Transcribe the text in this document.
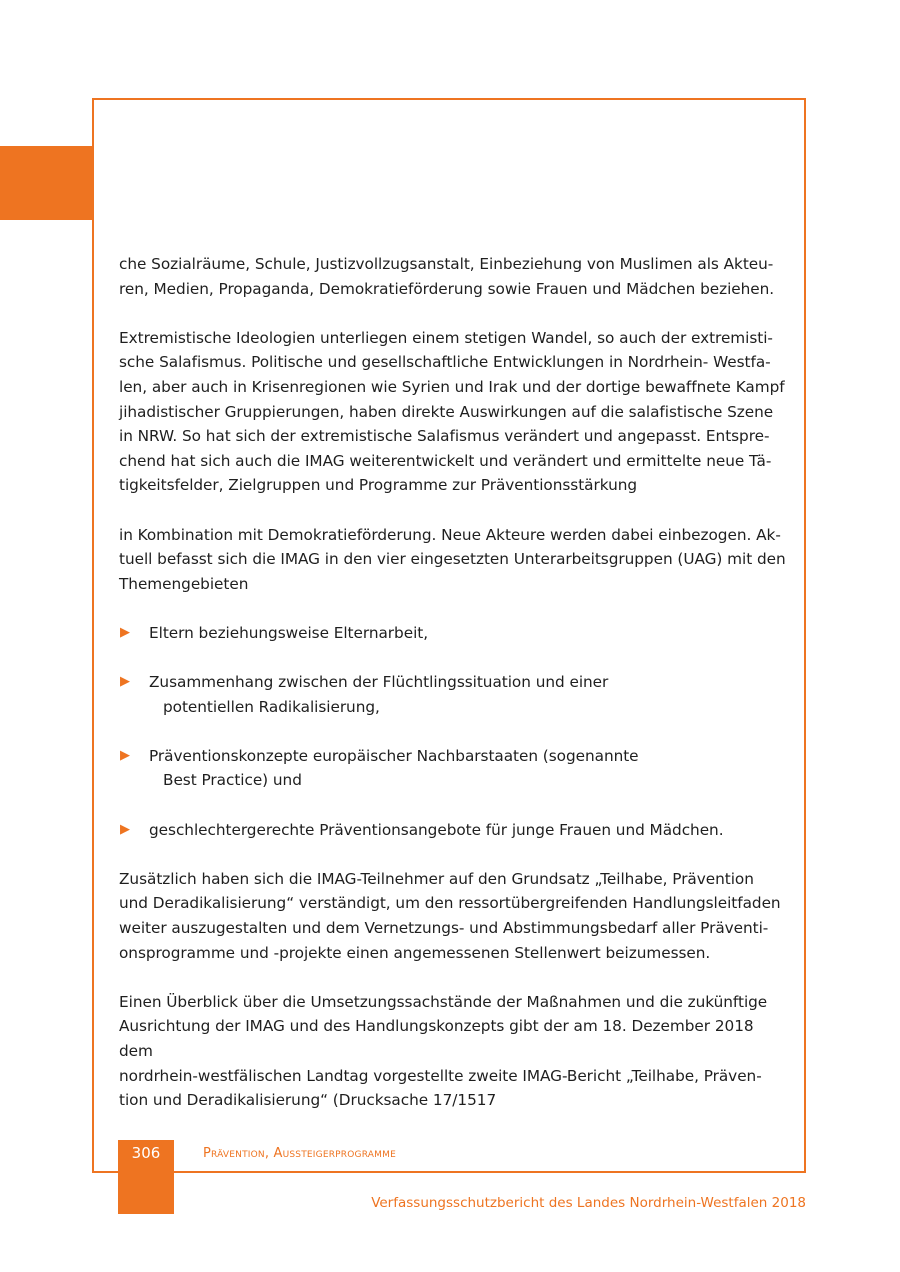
che Sozialräume, Schule, Justizvollzugsanstalt, Einbeziehung von Muslimen als Akteu-
ren, Medien, Propaganda, Demokratieförderung sowie Frauen und Mädchen beziehen.

Extremistische Ideologien unterliegen einem stetigen Wandel, so auch der extremisti-
sche Salafismus. Politische und gesellschaftliche Entwicklungen in Nordrhein- Westfa-
len, aber auch in Krisenregionen wie Syrien und Irak und der dortige bewaffnete Kampf
jihadistischer Gruppierungen, haben direkte Auswirkungen auf die salafistische Szene
in NRW. So hat sich der extremistische Salafismus verändert und angepasst. Entspre-
chend hat sich auch die IMAG weiterentwickelt und verändert und ermittelte neue Tä-
tigkeitsfelder, Zielgruppen und Programme zur Präventionsstärkung

in Kombination mit Demokratieförderung. Neue Akteure werden dabei einbezogen. Ak-
tuell befasst sich die IMAG in den vier eingesetzten Unterarbeitsgruppen (UAG) mit den
Themengebieten

▶ Eltern beziehungsweise Elternarbeit,

▶ Zusammenhang zwischen der Flüchtlingssituation und einer
potentiellen Radikalisierung,

▶ Präventionskonzepte europäischer Nachbarstaaten (sogenannte
Best Practice) und

▶ geschlechtergerechte Präventionsangebote für junge Frauen und Mädchen.

Zusätzlich haben sich die IMAG-Teilnehmer auf den Grundsatz „Teilhabe, Prävention
und Deradikalisierung“ verständigt, um den ressortübergreifenden Handlungsleitfaden
weiter auszugestalten und dem Vernetzungs- und Abstimmungsbedarf aller Präventi-
onsprogramme und -projekte einen angemessenen Stellenwert beizumessen.

Einen Überblick über die Umsetzungssachstände der Maßnahmen und die zukünftige
Ausrichtung der IMAG und des Handlungskonzepts gibt der am 18. Dezember 2018 dem
nordrhein-westfälischen Landtag vorgestellte zweite IMAG-Bericht „Teilhabe, Präven-
tion und Deradikalisierung“ (Drucksache 17/1517

306	Prävention, Aussteigerprogramme
Verfassungsschutzbericht des Landes Nordrhein-Westfalen 2018
